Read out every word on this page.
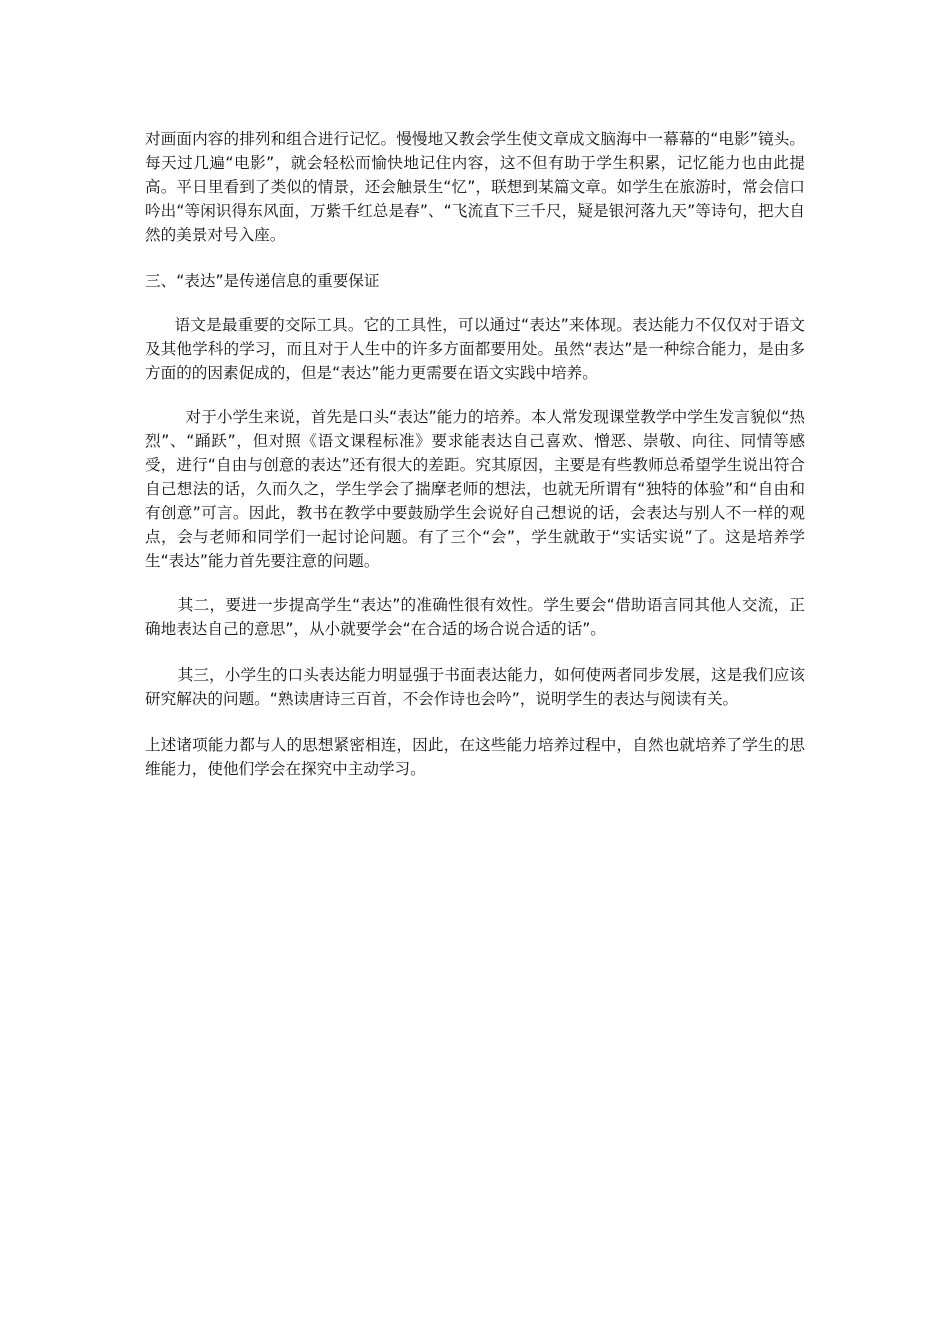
对画面内容的排列和组合进行记忆。慢慢地又教会学生使文章成文脑海中一幕幕的“电影”镜头。每天过几遍“电影”，就会轻松而愉快地记住内容，这不但有助于学生积累，记忆能力也由此提高。平日里看到了类似的情景，还会触景生“忆”，联想到某篇文章。如学生在旅游时，常会信口吟出“等闲识得东风面，万紫千红总是春”、“飞流直下三千尺，疑是银河落九天”等诗句，把大自然的美景对号入座。

三、“表达”是传递信息的重要保证

语文是最重要的交际工具。它的工具性，可以通过“表达”来体现。表达能力不仅仅对于语文及其他学科的学习，而且对于人生中的许多方面都要用处。虽然“表达”是一种综合能力，是由多方面的的因素促成的，但是“表达”能力更需要在语文实践中培养。

对于小学生来说，首先是口头“表达”能力的培养。本人常发现课堂教学中学生发言貌似“热烈”、“踊跃”，但对照《语文课程标准》要求能表达自己喜欢、憎恶、崇敬、向往、同情等感受，进行“自由与创意的表达”还有很大的差距。究其原因，主要是有些教师总希望学生说出符合自己想法的话，久而久之，学生学会了揣摩老师的想法，也就无所谓有“独特的体验”和“自由和有创意”可言。因此，教书在教学中要鼓励学生会说好自己想说的话，会表达与别人不一样的观点，会与老师和同学们一起讨论问题。有了三个“会”，学生就敢于“实话实说”了。这是培养学生“表达”能力首先要注意的问题。

其二，要进一步提高学生“表达”的准确性很有效性。学生要会“借助语言同其他人交流，正确地表达自己的意思”，从小就要学会“在合适的场合说合适的话”。

其三，小学生的口头表达能力明显强于书面表达能力，如何使两者同步发展，这是我们应该研究解决的问题。“熟读唐诗三百首，不会作诗也会吟”，说明学生的表达与阅读有关。

上述诸项能力都与人的思想紧密相连，因此，在这些能力培养过程中，自然也就培养了学生的思维能力，使他们学会在探究中主动学习。
